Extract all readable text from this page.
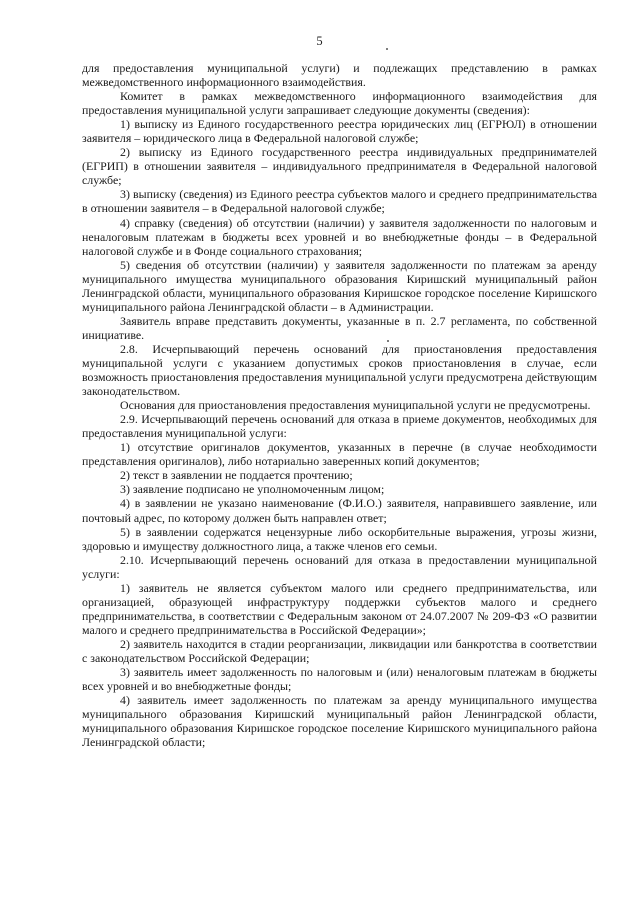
5

для предоставления муниципальной услуги) и подлежащих представлению в рамках межведомственного информационного взаимодействия.

Комитет в рамках межведомственного информационного взаимодействия для предоставления муниципальной услуги запрашивает следующие документы (сведения):

1) выписку из Единого государственного реестра юридических лиц (ЕГРЮЛ) в отношении заявителя – юридического лица в Федеральной налоговой службе;

2) выписку из Единого государственного реестра индивидуальных предпринимателей (ЕГРИП) в отношении заявителя – индивидуального предпринимателя в Федеральной налоговой службе;

3) выписку (сведения) из Единого реестра субъектов малого и среднего предпринимательства в отношении заявителя – в Федеральной налоговой службе;

4) справку (сведения) об отсутствии (наличии) у заявителя задолженности по налоговым и неналоговым платежам в бюджеты всех уровней и во внебюджетные фонды – в Федеральной налоговой службе и в Фонде социального страхования;

5) сведения об отсутствии (наличии) у заявителя задолженности по платежам за аренду муниципального имущества муниципального образования Киришский муниципальный район Ленинградской области, муниципального образования Киришское городское поселение Киришского муниципального района Ленинградской области – в Администрации.

Заявитель вправе представить документы, указанные в п. 2.7 регламента, по собственной инициативе.

2.8. Исчерпывающий перечень оснований для приостановления предоставления муниципальной услуги с указанием допустимых сроков приостановления в случае, если возможность приостановления предоставления муниципальной услуги предусмотрена действующим законодательством.

Основания для приостановления предоставления муниципальной услуги не предусмотрены.

2.9. Исчерпывающий перечень оснований для отказа в приеме документов, необходимых для предоставления муниципальной услуги:

1) отсутствие оригиналов документов, указанных в перечне (в случае необходимости представления оригиналов), либо нотариально заверенных копий документов;

2) текст в заявлении не поддается прочтению;

3) заявление подписано не уполномоченным лицом;

4) в заявлении не указано наименование (Ф.И.О.) заявителя, направившего заявление, или почтовый адрес, по которому должен быть направлен ответ;

5) в заявлении содержатся нецензурные либо оскорбительные выражения, угрозы жизни, здоровью и имуществу должностного лица, а также членов его семьи.

2.10. Исчерпывающий перечень оснований для отказа в предоставлении муниципальной услуги:

1) заявитель не является субъектом малого или среднего предпринимательства, или организацией, образующей инфраструктуру поддержки субъектов малого и среднего предпринимательства, в соответствии с Федеральным законом от 24.07.2007 № 209-ФЗ «О развитии малого и среднего предпринимательства в Российской Федерации»;

2) заявитель находится в стадии реорганизации, ликвидации или банкротства в соответствии с законодательством Российской Федерации;

3) заявитель имеет задолженность по налоговым и (или) неналоговым платежам в бюджеты всех уровней и во внебюджетные фонды;

4) заявитель имеет задолженность по платежам за аренду муниципального имущества муниципального образования Киришский муниципальный район Ленинградской области, муниципального образования Киришское городское поселение Киришского муниципального района Ленинградской области;
